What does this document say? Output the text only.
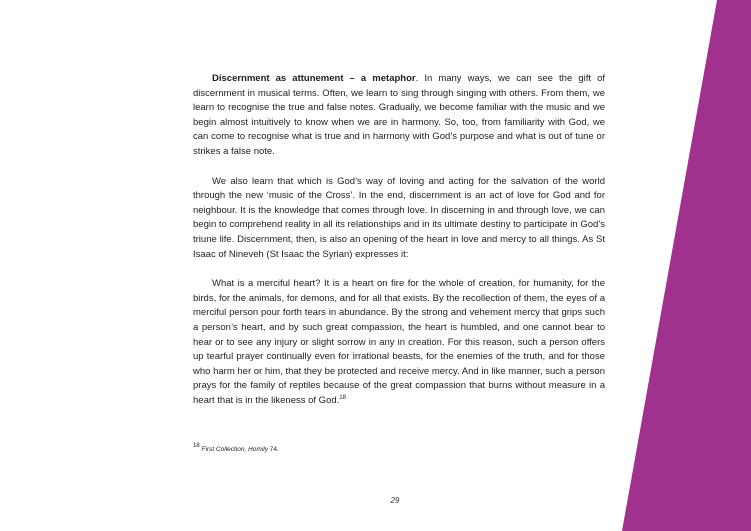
Discernment as attunement – a metaphor. In many ways, we can see the gift of discernment in musical terms. Often, we learn to sing through singing with others. From them, we learn to recognise the true and false notes. Gradually, we become familiar with the music and we begin almost intuitively to know when we are in harmony. So, too, from familiarity with God, we can come to recognise what is true and in harmony with God’s purpose and what is out of tune or strikes a false note.

We also learn that which is God’s way of loving and acting for the salvation of the world through the new ‘music of the Cross’. In the end, discernment is an act of love for God and for neighbour. It is the knowledge that comes through love. In discerning in and through love, we can begin to comprehend reality in all its relationships and in its ultimate destiny to participate in God’s triune life. Discernment, then, is also an opening of the heart in love and mercy to all things. As St Isaac of Nineveh (St Isaac the Syrian) expresses it:

What is a merciful heart? It is a heart on fire for the whole of creation, for humanity, for the birds, for the animals, for demons, and for all that exists. By the recollection of them, the eyes of a merciful person pour forth tears in abundance. By the strong and vehement mercy that grips such a person’s heart, and by such great compassion, the heart is humbled, and one cannot bear to hear or to see any injury or slight sorrow in any in creation. For this reason, such a person offers up tearful prayer continually even for irrational beasts, for the enemies of the truth, and for those who harm her or him, that they be protected and receive mercy. And in like manner, such a person prays for the family of reptiles because of the great compassion that burns without measure in a heart that is in the likeness of God.$^{18}$

$^{18}$ First Collection, Homily 74.
29
